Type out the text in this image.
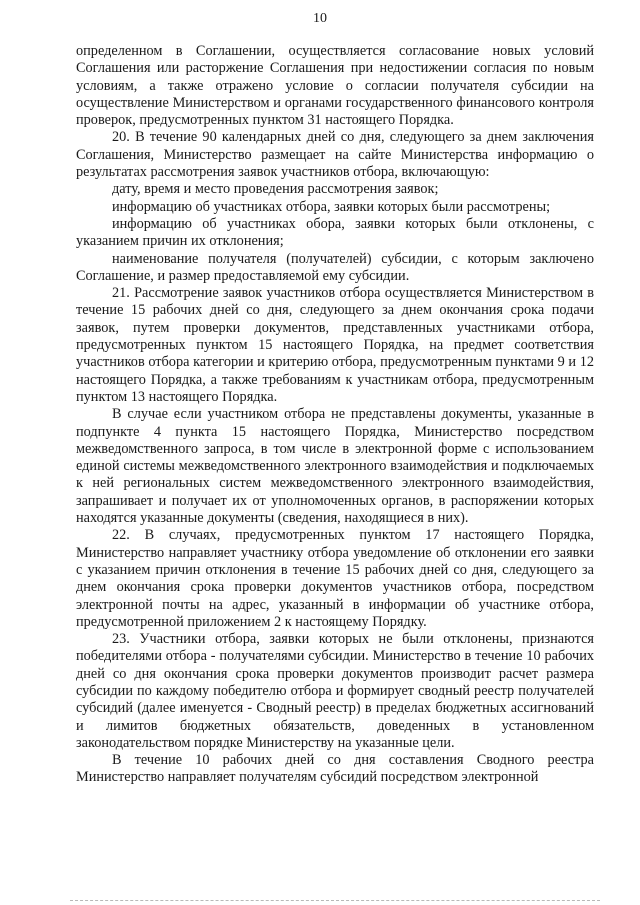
10

определенном в Соглашении, осуществляется согласование новых условий Соглашения или расторжение Соглашения при недостижении согласия по новым условиям, а также отражено условие о согласии получателя субсидии на осуществление Министерством и органами государственного финансового контроля проверок, предусмотренных пунктом 31 настоящего Порядка.

20. В течение 90 календарных дней со дня, следующего за днем заключения Соглашения, Министерство размещает на сайте Министерства информацию о результатах рассмотрения заявок участников отбора, включающую:

дату, время и место проведения рассмотрения заявок;

информацию об участниках отбора, заявки которых были рассмотрены;

информацию об участниках обора, заявки которых были отклонены, с указанием причин их отклонения;

наименование получателя (получателей) субсидии, с которым заключено Соглашение, и размер предоставляемой ему субсидии.

21. Рассмотрение заявок участников отбора осуществляется Министерством в течение 15 рабочих дней со дня, следующего за днем окончания срока подачи заявок, путем проверки документов, представленных участниками отбора, предусмотренных пунктом 15 настоящего Порядка, на предмет соответствия участников отбора категории и критерию отбора, предусмотренным пунктами 9 и 12 настоящего Порядка, а также требованиям к участникам отбора, предусмотренным пунктом 13 настоящего Порядка.

В случае если участником отбора не представлены документы, указанные в подпункте 4 пункта 15 настоящего Порядка, Министерство посредством межведомственного запроса, в том числе в электронной форме с использованием единой системы межведомственного электронного взаимодействия и подключаемых к ней региональных систем межведомственного электронного взаимодействия, запрашивает и получает их от уполномоченных органов, в распоряжении которых находятся указанные документы (сведения, находящиеся в них).

22. В случаях, предусмотренных пунктом 17 настоящего Порядка, Министерство направляет участнику отбора уведомление об отклонении его заявки с указанием причин отклонения в течение 15 рабочих дней со дня, следующего за днем окончания срока проверки документов участников отбора, посредством электронной почты на адрес, указанный в информации об участнике отбора, предусмотренной приложением 2 к настоящему Порядку.

23. Участники отбора, заявки которых не были отклонены, признаются победителями отбора - получателями субсидии. Министерство в течение 10 рабочих дней со дня окончания срока проверки документов производит расчет размера субсидии по каждому победителю отбора и формирует сводный реестр получателей субсидий (далее именуется - Сводный реестр) в пределах бюджетных ассигнований и лимитов бюджетных обязательств, доведенных в установленном законодательством порядке Министерству на указанные цели.

В течение 10 рабочих дней со дня составления Сводного реестра Министерство направляет получателям субсидий посредством электронной
